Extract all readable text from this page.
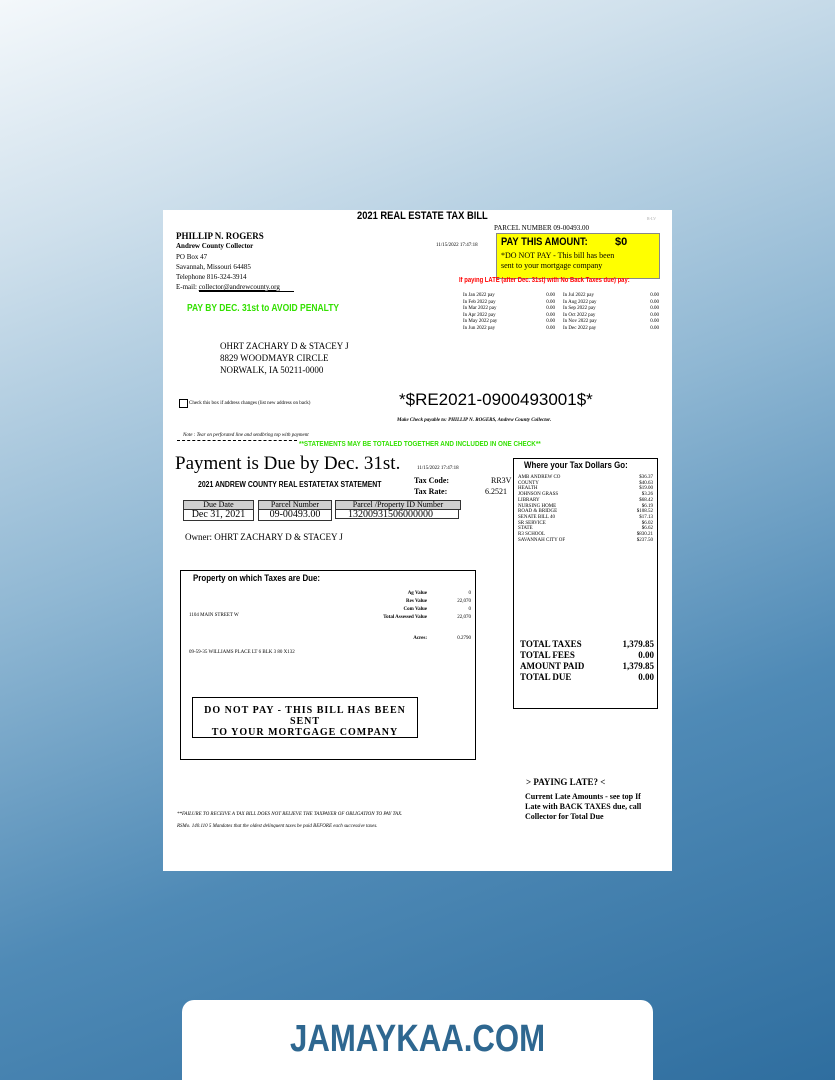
2021 REAL ESTATE TAX BILL	R-LV
PARCEL NUMBER 09-00493.00
PHILLIP N. ROGERS
Andrew County Collector
PO Box 47
Savannah, Missouri 64485
Telephone 816-324-3914
E-mail: collector@andrewcounty.org
11/15/2022 17:47:18 PAY THIS AMOUNT: $0
*DO NOT PAY - This bill has been
sent to your mortgage company
If paying LATE (after Dec. 31st) with No Back Taxes due) pay:
PAY BY DEC. 31st to AVOID PENALTY
In Jan 2022 pay	0.00	In Jul 2022 pay	0.00
In Feb 2022 pay	0.00	In Aug 2022 pay	0.00
In Mar 2022 pay	0.00	In Sep 2022 pay	0.00
In Apr 2022 pay	0.00	In Oct 2022 pay	0.00
In May 2022 pay	0.00	In Nov 2022 pay	0.00
In Jun 2022 pay	0.00	In Dec 2022 pay	0.00
OHRT ZACHARY D & STACEY J
8829 WOODMAYR CIRCLE
NORWALK, IA 50211-0000
Check this box if address changes (list new address on back)	*$RE2021-0900493001$*
Make Check payable to: PHILLIP N. ROGERS, Andrew County Collector.
Note : Tear on perforated line and sendbring top with payment
**STATEMENTS MAY BE TOTALED TOGETHER AND INCLUDED IN ONE CHECK**
Payment is Due by Dec. 31st.	11/15/2022 17:47:18
2021 ANDREW COUNTY REAL ESTATETAX STATEMENT	Tax Code:	RR3V
Tax Rate:	6.2521
Due Date	Parcel Number	Parcel /Property ID Number
Dec 31, 2021	09-00493.00	13200931506000000
Owner: OHRT ZACHARY D & STACEY J
Property on which Taxes are Due:
Ag Value	0
Res Value	22,070
Com Value	0
Total Assessed Value	22,070
1104 MAIN STREET W
Acres:	0.2790
09-59-35 WILLIAMS PLACE LT 6 BLK 3 80 X132
DO NOT PAY - THIS BILL HAS BEEN SENT
TO YOUR MORTGAGE COMPANY
Where your Tax Dollars Go:
AMB ANDREW CO	$36.37
COUNTY	$40.63
HEALTH	$19.00
JOHNSON GRASS	$3.26
LIBRARY	$68.42
NURSING HOME	$6.19
ROAD & BRIDGE	$108.52
SENATE BILL 40	$17.13
SR SERVICE	$6.02
STATE	$6.62
R3 SCHOOL	$830.21
SAVANNAH CITY OF	$237.50
TOTAL TAXES	1,379.85
TOTAL FEES	0.00
AMOUNT PAID	1,379.85
TOTAL DUE	0.00
> PAYING LATE? <
Current Late Amounts - see top If
Late with BACK TAXES due, call
Collector for Total Due
**FAILURE TO RECEIVE A TAX BILL DOES NOT RELIEVE THE TAXPAYER OF OBLIGATION TO PAY TAX.
RSMo. 140.110 5 Mandates that the oldest delinquent taxes be paid BEFORE each successive taxes.
JAMAYKAA.COM
